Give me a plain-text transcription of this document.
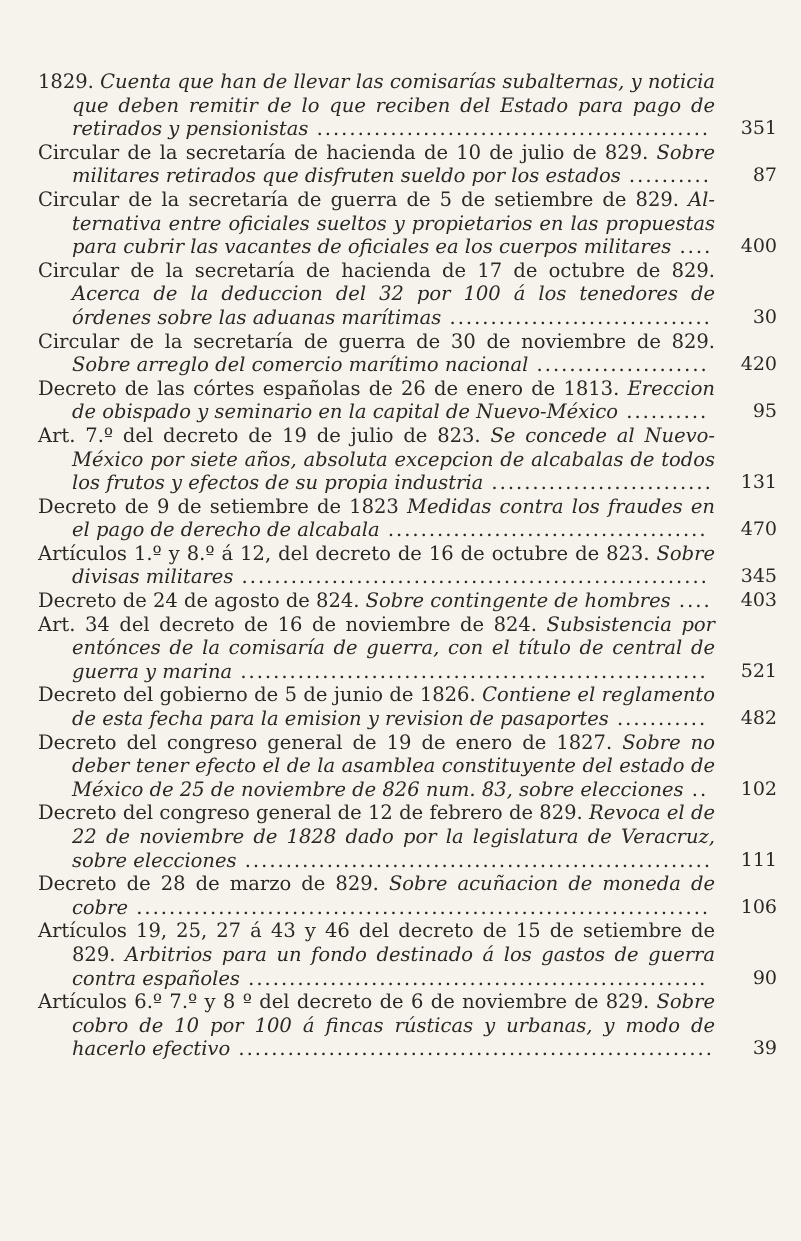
1829. Cuenta que han de llevar las comisarías subalternas, y noticia que deben remitir de lo que reciben del Estado para pago de retirados y pensionistas ................................................ 351
Circular de la secretaría de hacienda de 10 de julio de 829. Sobre militares retirados que disfruten sueldo por los estados .......... 87
Circular de la secretaría de guerra de 5 de setiembre de 829. Alternativa entre oficiales sueltos y propietarios en las propuestas para cubrir las vacantes de oficiales ea los cuerpos militares .... 400
Circular de la secretaría de hacienda de 17 de octubre de 829. Acerca de la deduccion del 32 por 100 á los tenedores de órdenes sobre las aduanas marítimas ................................ 30
Circular de la secretaría de guerra de 30 de noviembre de 829. Sobre arreglo del comercio marítimo nacional ..................... 420
Decreto de las córtes españolas de 26 de enero de 1813. Ereccion de obispado y seminario en la capital de Nuevo-México .......... 95
Art. 7.º del decreto de 19 de julio de 823. Se concede al Nuevo-México por siete años, absoluta excepcion de alcabalas de todos los frutos y efectos de su propia industria ........................... 131
Decreto de 9 de setiembre de 1823 Medidas contra los fraudes en el pago de derecho de alcabala ....................................... 470
Artículos 1.º y 8.º á 12, del decreto de 16 de octubre de 823. Sobre divisas militares ......................................................... 345
Decreto de 24 de agosto de 824. Sobre contingente de hombres .... 403
Art. 34 del decreto de 16 de noviembre de 824. Subsistencia por entónces de la comisaría de guerra, con el título de central de guerra y marina ......................................................... 521
Decreto del gobierno de 5 de junio de 1826. Contiene el reglamento de esta fecha para la emision y revision de pasaportes ........... 482
Decreto del congreso general de 19 de enero de 1827. Sobre no deber tener efecto el de la asamblea constituyente del estado de México de 25 de noviembre de 826 num. 83, sobre elecciones .. 102
Decreto del congreso general de 12 de febrero de 829. Revoca el de 22 de noviembre de 1828 dado por la legislatura de Veracruz, sobre elecciones ......................................................... 111
Decreto de 28 de marzo de 829. Sobre acuñacion de moneda de cobre ...................................................................... 106
Artículos 19, 25, 27 á 43 y 46 del decreto de 15 de setiembre de 829. Arbitrios para un fondo destinado á los gastos de guerra contra españoles ........................................................ 90
Artículos 6.º 7.º y 8 º del decreto de 6 de noviembre de 829. Sobre cobro de 10 por 100 á fincas rústicas y urbanas, y modo de hacerlo efectivo .......................................................... 39
